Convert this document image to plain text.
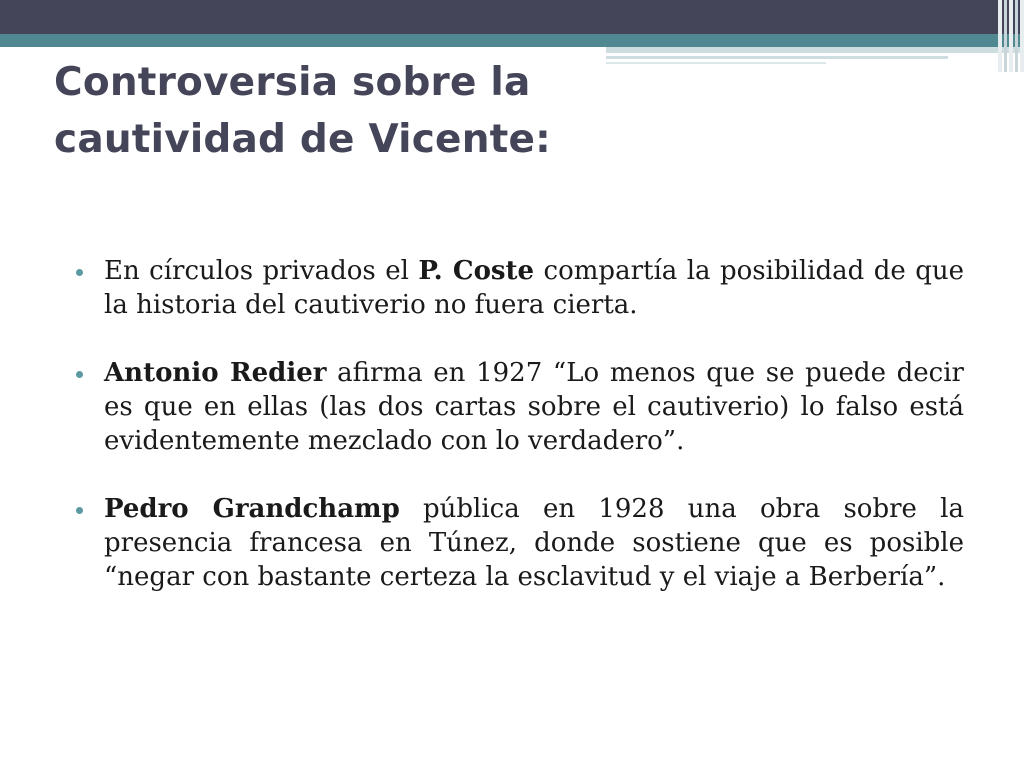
Controversia sobre la cautividad de Vicente:
En círculos privados el P. Coste compartía la posibilidad de que la historia del cautiverio no fuera cierta.
Antonio Redier afirma en 1927 “Lo menos que se puede decir es que en ellas (las dos cartas sobre el cautiverio) lo falso está evidentemente mezclado con lo verdadero”.
Pedro Grandchamp pública en 1928 una obra sobre la presencia francesa en Túnez, donde sostiene que es posible “negar con bastante certeza la esclavitud y el viaje a Berbería”.
